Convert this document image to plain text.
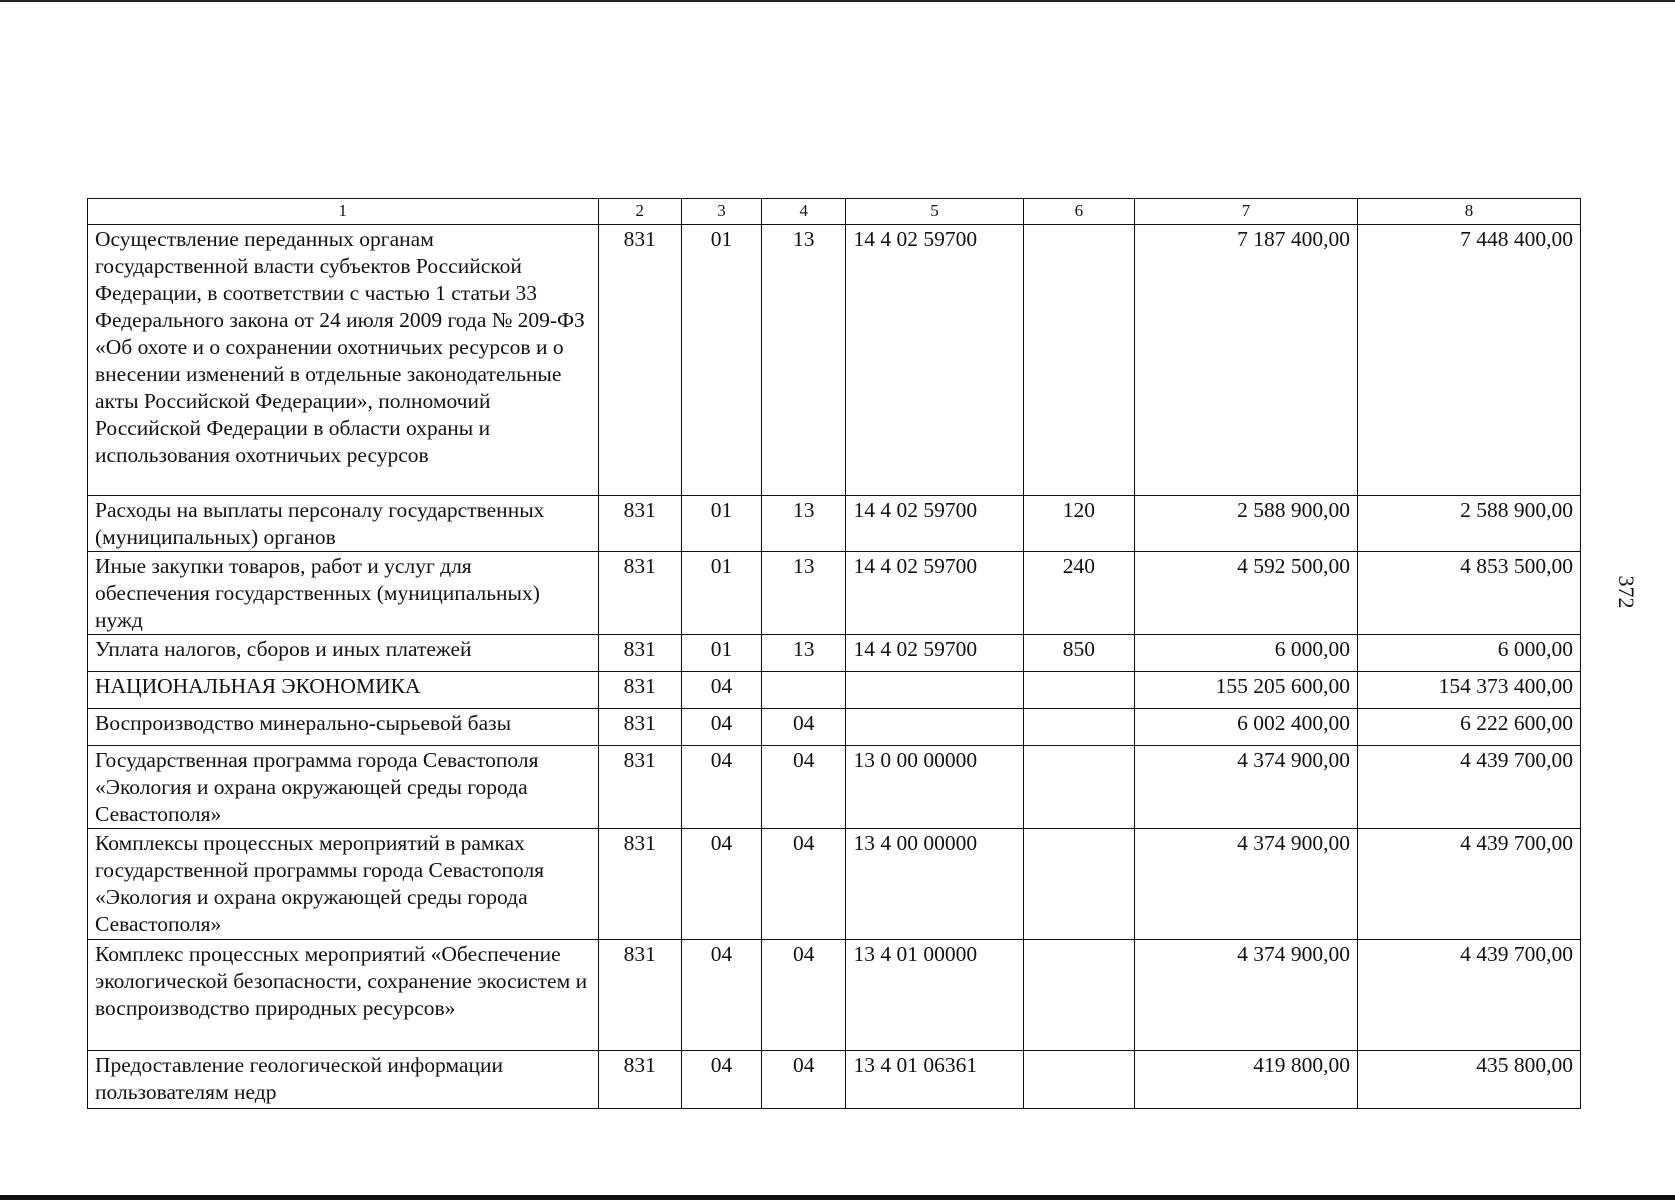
372
1	2	3	4	5	6	7	8
Осуществление переданных органам государственной власти субъектов Российской Федерации, в соответствии с частью 1 статьи 33 Федерального закона от 24 июля 2009 года № 209-ФЗ «Об охоте и о сохранении охотничьих ресурсов и о внесении изменений в отдельные законодательные акты Российской Федерации», полномочий Российской Федерации в области охраны и использования охотничьих ресурсов	831	01	13	14 4 02 59700		7 187 400,00	7 448 400,00
Расходы на выплаты персоналу государственных (муниципальных) органов	831	01	13	14 4 02 59700	120	2 588 900,00	2 588 900,00
Иные закупки товаров, работ и услуг для обеспечения государственных (муниципальных) нужд	831	01	13	14 4 02 59700	240	4 592 500,00	4 853 500,00
Уплата налогов, сборов и иных платежей	831	01	13	14 4 02 59700	850	6 000,00	6 000,00
НАЦИОНАЛЬНАЯ ЭКОНОМИКА	831	04				155 205 600,00	154 373 400,00
Воспроизводство минерально-сырьевой базы	831	04	04			6 002 400,00	6 222 600,00
Государственная программа города Севастополя «Экология и охрана окружающей среды города Севастополя»	831	04	04	13 0 00 00000		4 374 900,00	4 439 700,00
Комплексы процессных мероприятий в рамках государственной программы города Севастополя «Экология и охрана окружающей среды города Севастополя»	831	04	04	13 4 00 00000		4 374 900,00	4 439 700,00
Комплекс процессных мероприятий «Обеспечение экологической безопасности, сохранение экосистем и воспроизводство природных ресурсов»	831	04	04	13 4 01 00000		4 374 900,00	4 439 700,00
Предоставление геологической информации пользователям недр	831	04	04	13 4 01 06361		419 800,00	435 800,00
